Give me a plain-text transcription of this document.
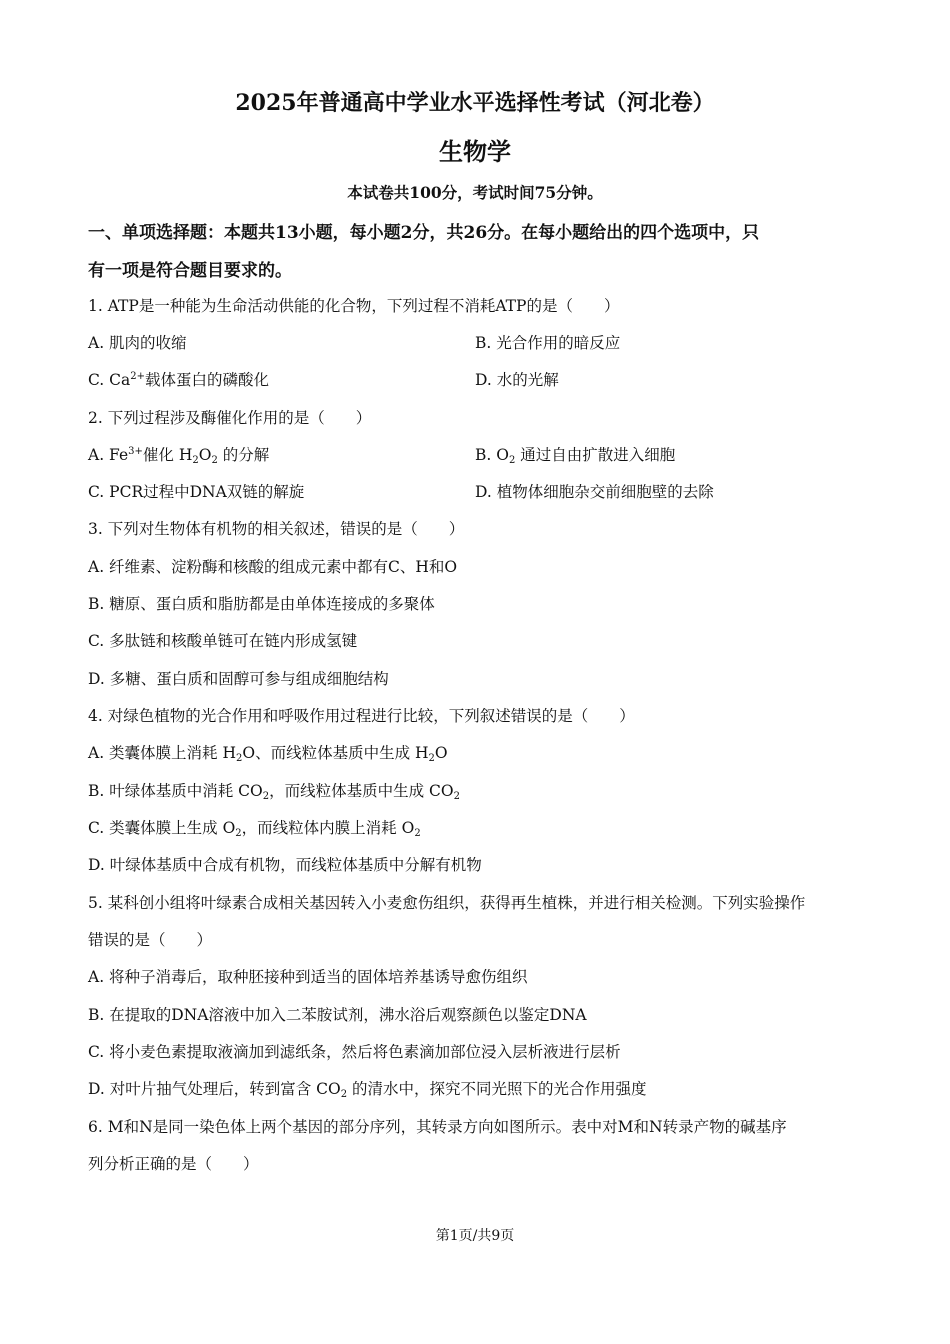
2025年普通高中学业水平选择性考试（河北卷）
生物学
本试卷共100分，考试时间75分钟。
一、单项选择题：本题共13小题，每小题2分，共26分。在每小题给出的四个选项中，只
有一项是符合题目要求的。
1. ATP是一种能为生命活动供能的化合物，下列过程不消耗ATP的是（　　）
A. 肌肉的收缩	B. 光合作用的暗反应
C. $Ca^{2+}$载体蛋白的磷酸化	D. 水的光解
2. 下列过程涉及酶催化作用的是（　　）
A. $Fe^{3+}$催化 $H_2O_2$ 的分解	B. $O_2$ 通过自由扩散进入细胞
C. PCR过程中DNA双链的解旋	D. 植物体细胞杂交前细胞壁的去除
3. 下列对生物体有机物的相关叙述，错误的是（　　）
A. 纤维素、淀粉酶和核酸的组成元素中都有C、H和O
B. 糖原、蛋白质和脂肪都是由单体连接成的多聚体
C. 多肽链和核酸单链可在链内形成氢键
D. 多糖、蛋白质和固醇可参与组成细胞结构
4. 对绿色植物的光合作用和呼吸作用过程进行比较，下列叙述错误的是（　　）
A. 类囊体膜上消耗 $H_2O$、而线粒体基质中生成 $H_2O$
B. 叶绿体基质中消耗 $CO_2$，而线粒体基质中生成 $CO_2$
C. 类囊体膜上生成 $O_2$，而线粒体内膜上消耗 $O_2$
D. 叶绿体基质中合成有机物，而线粒体基质中分解有机物
5. 某科创小组将叶绿素合成相关基因转入小麦愈伤组织，获得再生植株，并进行相关检测。下列实验操作
错误的是（　　）
A. 将种子消毒后，取种胚接种到适当的固体培养基诱导愈伤组织
B. 在提取的DNA溶液中加入二苯胺试剂，沸水浴后观察颜色以鉴定DNA
C. 将小麦色素提取液滴加到滤纸条，然后将色素滴加部位浸入层析液进行层析
D. 对叶片抽气处理后，转到富含 $CO_2$ 的清水中，探究不同光照下的光合作用强度
6. M和N是同一染色体上两个基因的部分序列，其转录方向如图所示。表中对M和N转录产物的碱基序
列分析正确的是（　　）
第1页/共9页
